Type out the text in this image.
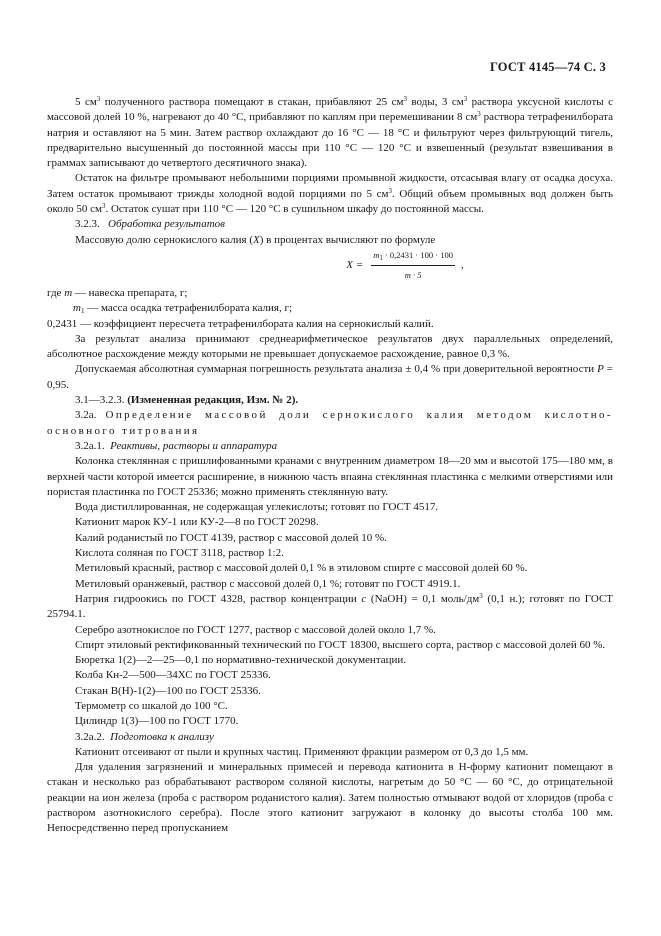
ГОСТ 4145—74 С. 3

5 $см^3$ полученного раствора помещают в стакан, прибавляют 25 $см^3$ воды, 3 $см^3$ раствора уксусной кислоты с массовой долей 10 %, нагревают до 40 °С, прибавляют по каплям при перемешивании 8 $см^3$ раствора тетрафенилбората натрия и оставляют на 5 мин. Затем раствор охлаждают до 16 °С — 18 °С и фильтруют через фильтрующий тигель, предварительно высушенный до постоянной массы при 110 °С — 120 °С и взвешенный (результат взвешивания в граммах записывают до четвертого десятичного знака).

Остаток на фильтре промывают небольшими порциями промывной жидкости, отсасывая влагу от осадка досуха. Затем остаток промывают трижды холодной водой порциями по 5 $см^3$. Общий объем промывных вод должен быть около 50 $см^3$. Остаток сушат при 110 °С — 120 °С в сушильном шкафу до постоянной массы.

3.2.3. Обработка результатов

Массовую долю сернокислого калия (X) в процентах вычисляют по формуле

$X = \frac{m_1 \cdot 0,2431 \cdot 100 \cdot 100}{m \cdot 5}$ ,

где m — навеска препарата, г;

$m_1$ — масса осадка тетрафенилбората калия, г;

0,2431 — коэффициент пересчета тетрафенилбората калия на сернокислый калий.

За результат анализа принимают среднеарифметическое результатов двух параллельных определений, абсолютное расхождение между которыми не превышает допускаемое расхождение, равное 0,3 %.

Допускаемая абсолютная суммарная погрешность результата анализа ± 0,4 % при доверительной вероятности Р = 0,95.

3.1—3.2.3. (Измененная редакция, Изм. № 2).

3.2а. Определение массовой доли сернокислого калия методом кислотно-основного титрования

3.2а.1. Реактивы, растворы и аппаратура

Колонка стеклянная с пришлифованными кранами с внутренним диаметром 18—20 мм и высотой 175—180 мм, в верхней части которой имеется расширение, в нижнюю часть впаяна стеклянная пластинка с мелкими отверстиями или пористая пластинка по ГОСТ 25336; можно применять стеклянную вату.

Вода дистиллированная, не содержащая углекислоты; готовят по ГОСТ 4517.

Катионит марок КУ-1 или КУ-2—8 по ГОСТ 20298.

Калий роданистый по ГОСТ 4139, раствор с массовой долей 10 %.

Кислота соляная по ГОСТ 3118, раствор 1:2.

Метиловый красный, раствор с массовой долей 0,1 % в этиловом спирте с массовой долей 60 %.

Метиловый оранжевый, раствор с массовой долей 0,1 %; готовят по ГОСТ 4919.1.

Натрия гидроокись по ГОСТ 4328, раствор концентрации с (NaOH) = 0,1 моль/$дм^3$ (0,1 н.); готовят по ГОСТ 25794.1.

Серебро азотнокислое по ГОСТ 1277, раствор с массовой долей около 1,7 %.

Спирт этиловый ректификованный технический по ГОСТ 18300, высшего сорта, раствор с массовой долей 60 %.

Бюретка 1(2)—2—25—0,1 по нормативно-технической документации.

Колба Кн-2—500—34ХС по ГОСТ 25336.

Стакан В(Н)-1(2)—100 по ГОСТ 25336.

Термометр со шкалой до 100 °С.

Цилиндр 1(3)—100 по ГОСТ 1770.

3.2а.2. Подготовка к анализу

Катионит отсеивают от пыли и крупных частиц. Применяют фракции размером от 0,3 до 1,5 мм.

Для удаления загрязнений и минеральных примесей и перевода катионита в Н-форму катионит помещают в стакан и несколько раз обрабатывают раствором соляной кислоты, нагретым до 50 °С — 60 °С, до отрицательной реакции на ион железа (проба с раствором роданистого калия). Затем полностью отмывают водой от хлоридов (проба с раствором азотнокислого серебра). После этого катионит загружают в колонку до высоты столба 100 мм. Непосредственно перед пропусканием
